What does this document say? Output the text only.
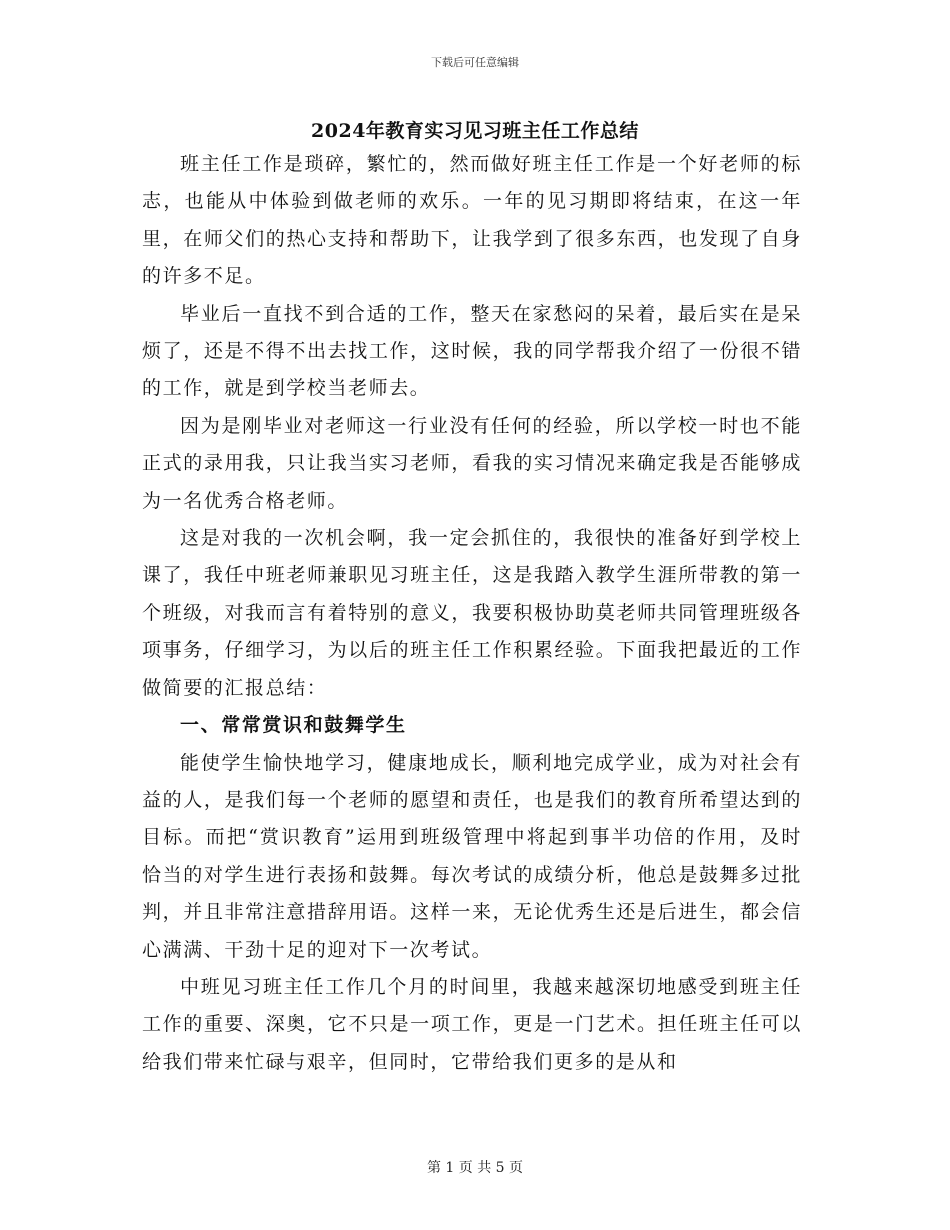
下载后可任意编辑
2024年教育实习见习班主任工作总结

班主任工作是琐碎，繁忙的，然而做好班主任工作是一个好老师的标志，也能从中体验到做老师的欢乐。一年的见习期即将结束，在这一年里，在师父们的热心支持和帮助下，让我学到了很多东西，也发现了自身的许多不足。

毕业后一直找不到合适的工作，整天在家愁闷的呆着，最后实在是呆烦了，还是不得不出去找工作，这时候，我的同学帮我介绍了一份很不错的工作，就是到学校当老师去。

因为是刚毕业对老师这一行业没有任何的经验，所以学校一时也不能正式的录用我，只让我当实习老师，看我的实习情况来确定我是否能够成为一名优秀合格老师。

这是对我的一次机会啊，我一定会抓住的，我很快的准备好到学校上课了，我任中班老师兼职见习班主任，这是我踏入教学生涯所带教的第一个班级，对我而言有着特别的意义，我要积极协助莫老师共同管理班级各项事务，仔细学习，为以后的班主任工作积累经验。下面我把最近的工作做简要的汇报总结：

一、常常赏识和鼓舞学生

能使学生愉快地学习，健康地成长，顺利地完成学业，成为对社会有益的人，是我们每一个老师的愿望和责任，也是我们的教育所希望达到的目标。而把“赏识教育”运用到班级管理中将起到事半功倍的作用，及时恰当的对学生进行表扬和鼓舞。每次考试的成绩分析，他总是鼓舞多过批判，并且非常注意措辞用语。这样一来，无论优秀生还是后进生，都会信心满满、干劲十足的迎对下一次考试。

中班见习班主任工作几个月的时间里，我越来越深切地感受到班主任工作的重要、深奥，它不只是一项工作，更是一门艺术。担任班主任可以给我们带来忙碌与艰辛，但同时，它带给我们更多的是从和

第 1 页 共 5 页
